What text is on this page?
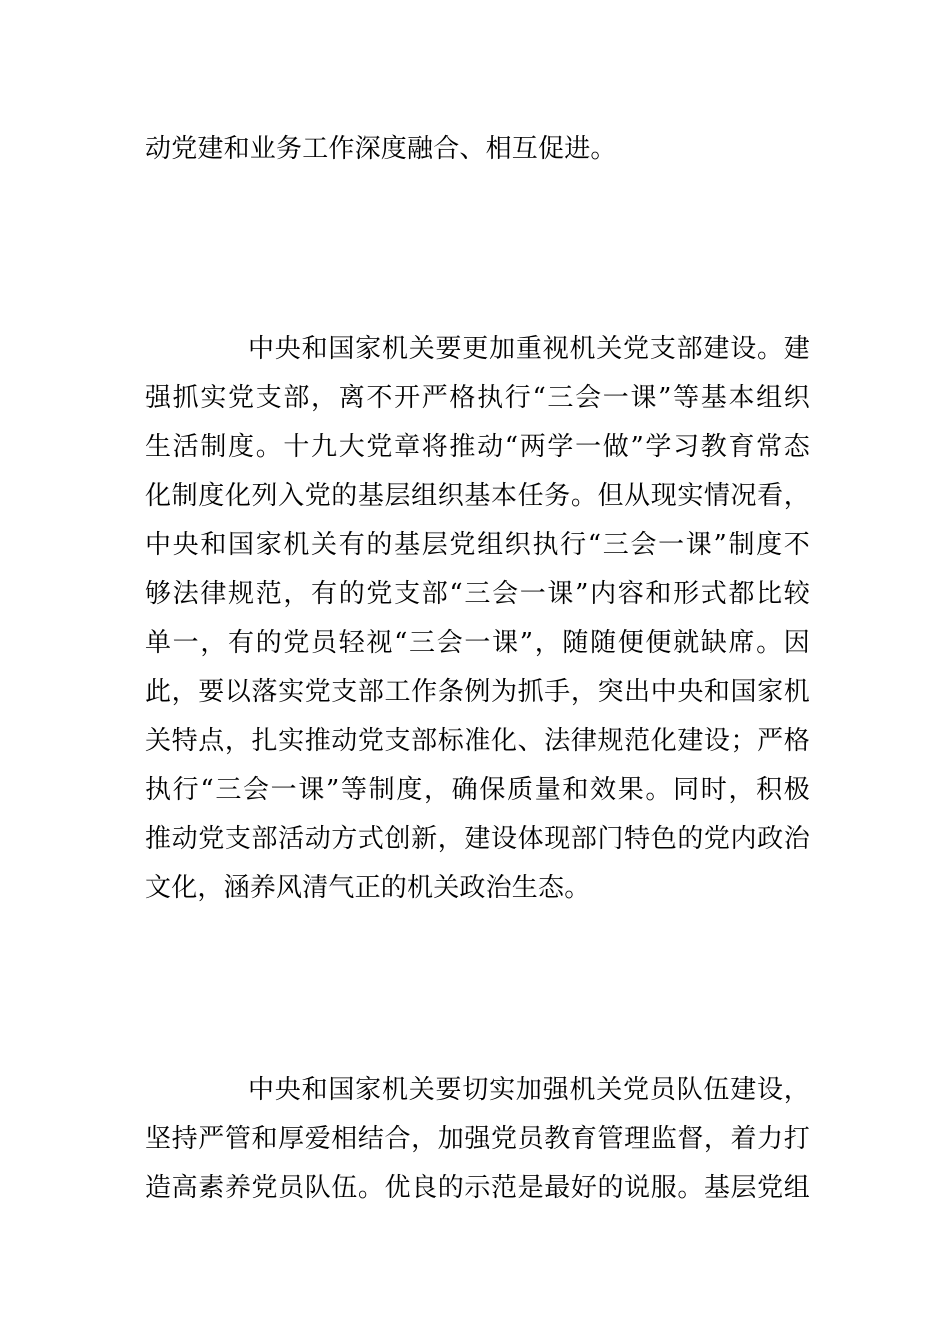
动党建和业务工作深度融合、相互促进。

中央和国家机关要更加重视机关党支部建设。建

强抓实党支部，离不开严格执行“三会一课”等基本组织

生活制度。十九大党章将推动“两学一做”学习教育常态

化制度化列入党的基层组织基本任务。但从现实情况看，

中央和国家机关有的基层党组织执行“三会一课”制度不

够法律规范，有的党支部“三会一课”内容和形式都比较

单一，有的党员轻视“三会一课”，随随便便就缺席。因

此，要以落实党支部工作条例为抓手，突出中央和国家机

关特点，扎实推动党支部标准化、法律规范化建设；严格

执行“三会一课”等制度，确保质量和效果。同时，积极

推动党支部活动方式创新，建设体现部门特色的党内政治

文化，涵养风清气正的机关政治生态。

中央和国家机关要切实加强机关党员队伍建设，

坚持严管和厚爱相结合，加强党员教育管理监督，着力打

造高素养党员队伍。优良的示范是最好的说服。基层党组
